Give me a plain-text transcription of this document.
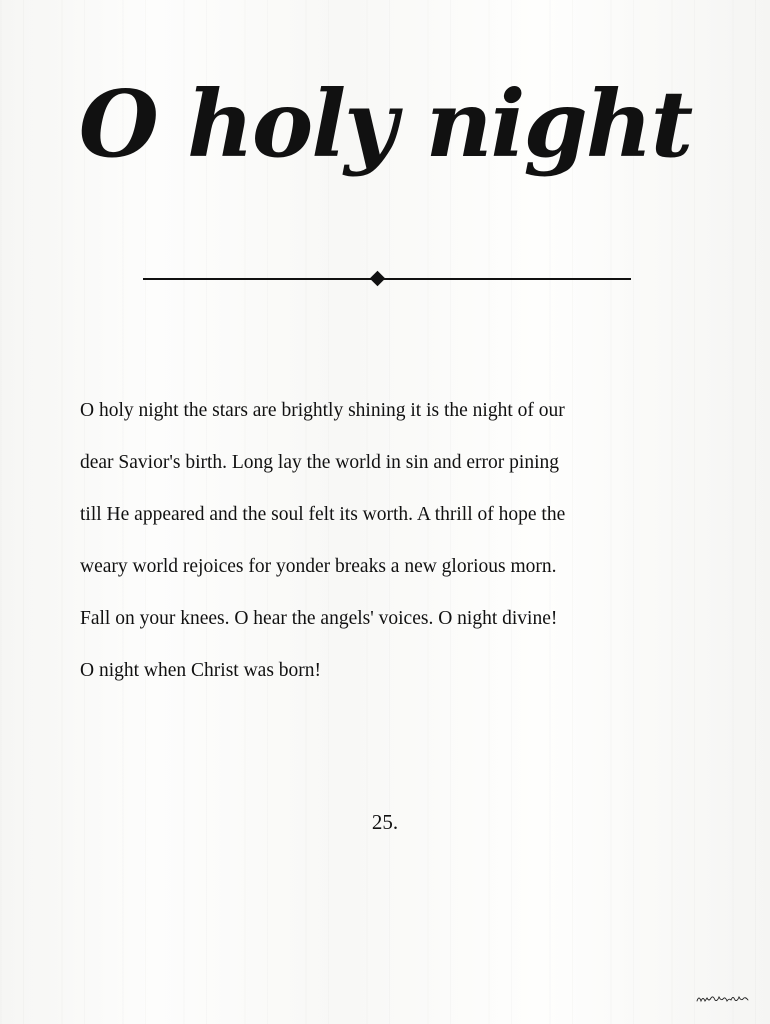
O holy night
O holy night the stars are brightly shining it is the night of our
dear Savior's birth. Long lay the world in sin and error pining
till He appeared and the soul felt its worth. A thrill of hope the
weary world rejoices for yonder breaks a new glorious morn.
Fall on your knees. O hear the angels' voices. O night divine!
O night when Christ was born!
25.
